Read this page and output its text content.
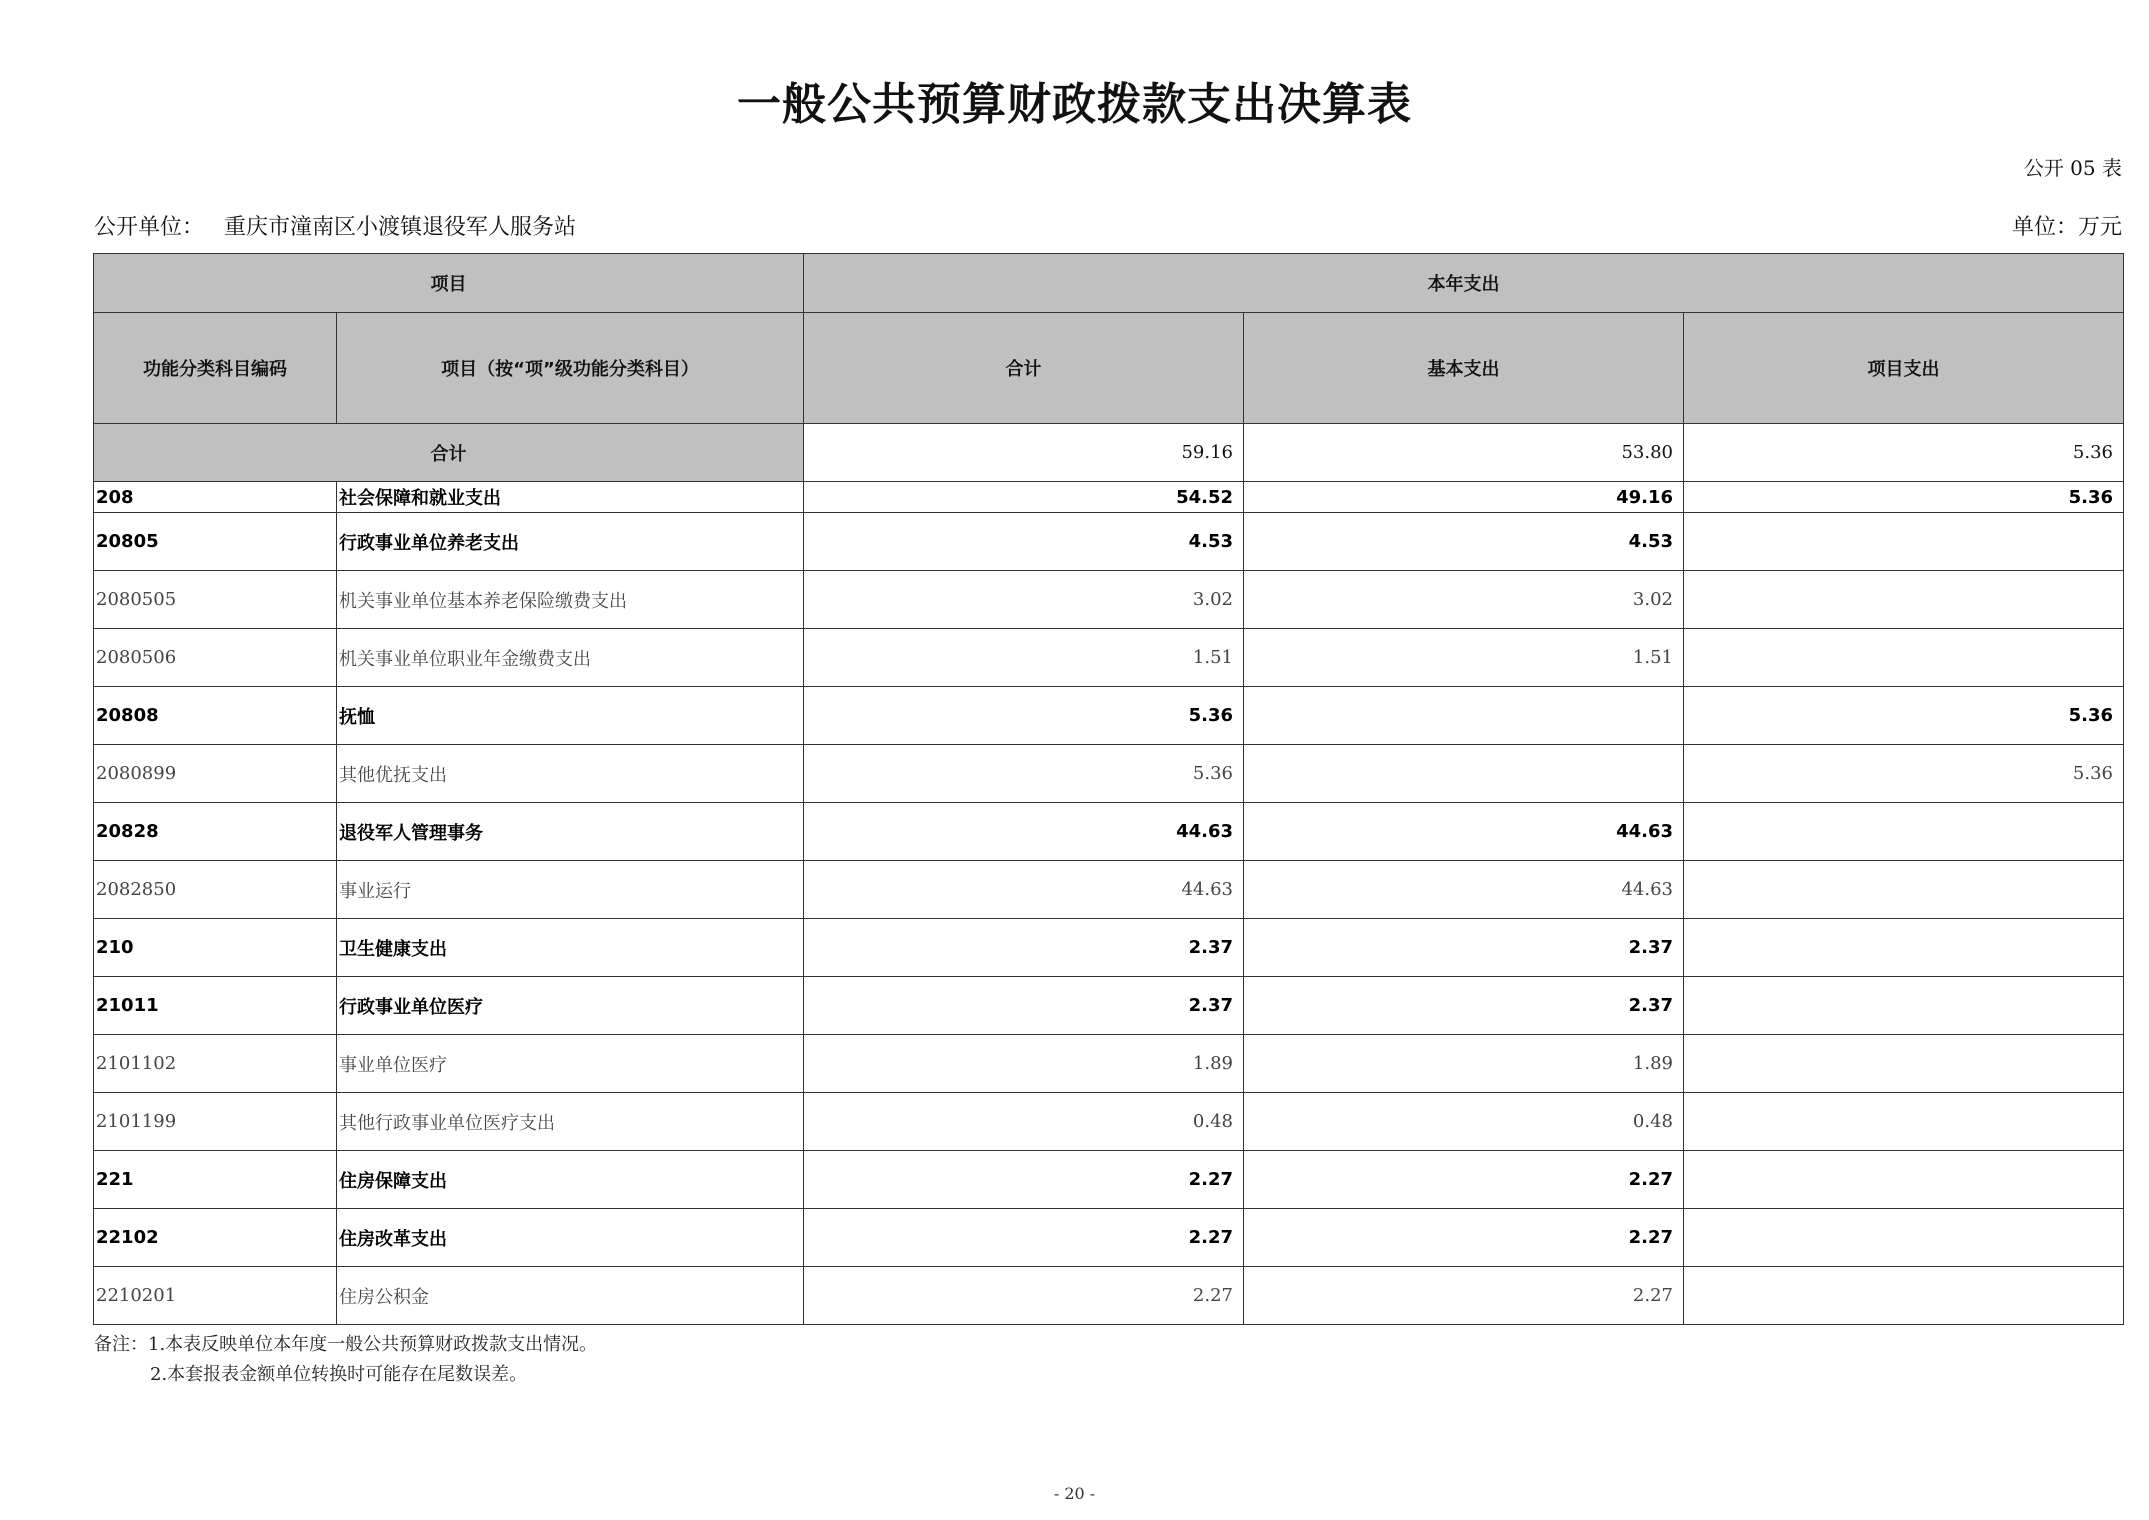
一般公共预算财政拨款支出决算表
公开 05 表
公开单位： 重庆市潼南区小渡镇退役军人服务站	单位：万元
项目		本年支出		
功能分类科目编码	项目（按“项”级功能分类科目）	合计	基本支出	项目支出
合计		59.16	53.80	5.36
208	社会保障和就业支出	54.52	49.16	5.36
20805	行政事业单位养老支出	4.53	4.53	
2080505	机关事业单位基本养老保险缴费支出	3.02	3.02	
2080506	机关事业单位职业年金缴费支出	1.51	1.51	
20808	抚恤	5.36		5.36
2080899	其他优抚支出	5.36		5.36
20828	退役军人管理事务	44.63	44.63	
2082850	事业运行	44.63	44.63	
210	卫生健康支出	2.37	2.37	
21011	行政事业单位医疗	2.37	2.37	
2101102	事业单位医疗	1.89	1.89	
2101199	其他行政事业单位医疗支出	0.48	0.48	
221	住房保障支出	2.27	2.27	
22102	住房改革支出	2.27	2.27	
2210201	住房公积金	2.27	2.27	
备注：1.本表反映单位本年度一般公共预算财政拨款支出情况。
2.本套报表金额单位转换时可能存在尾数误差。
- 20 -
